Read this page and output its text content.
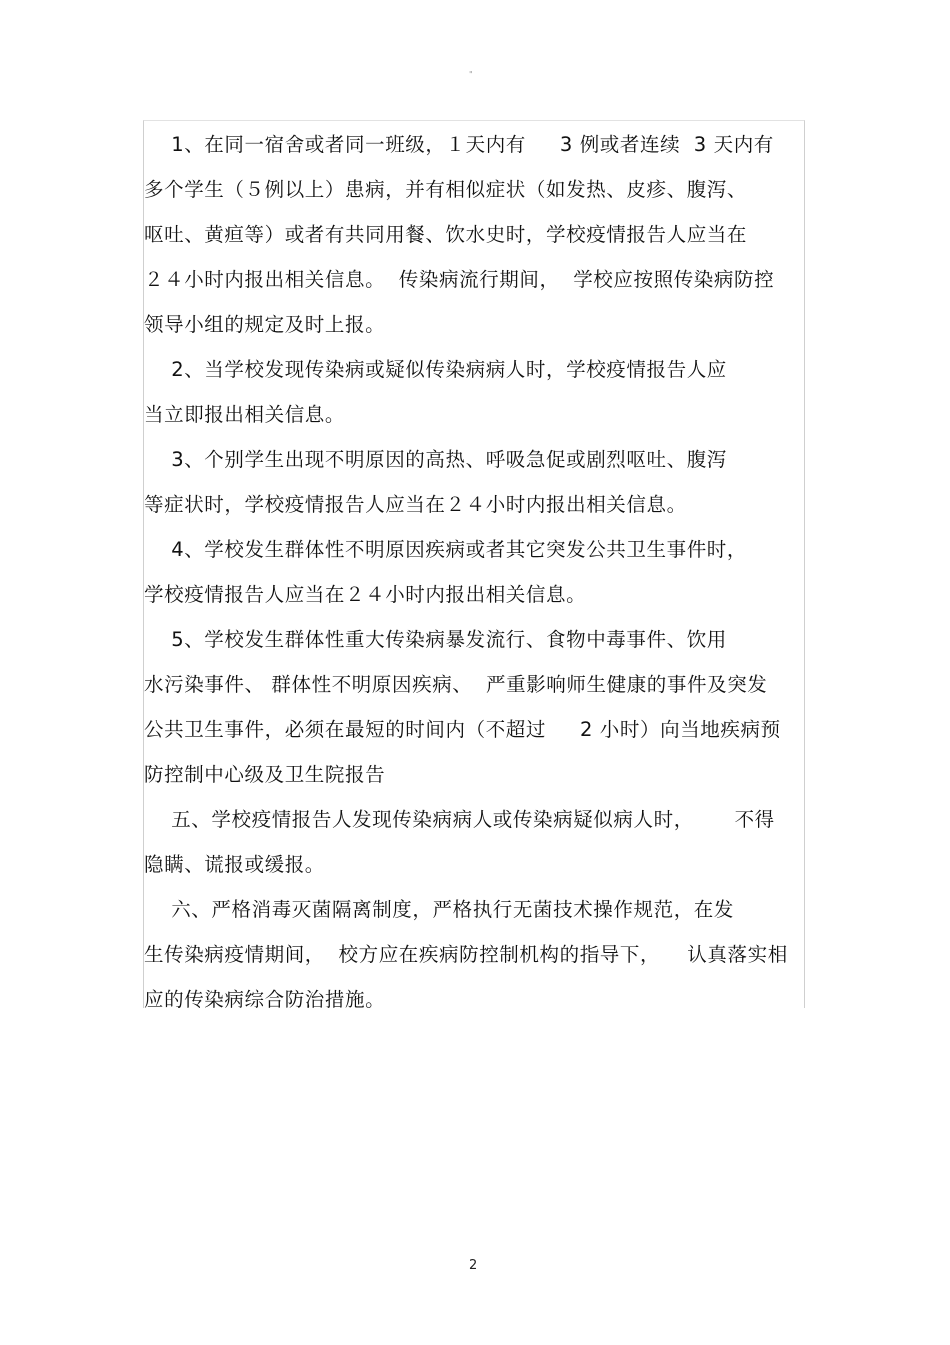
"
1、在同一宿舍或者同一班级，１天内有     3 例或者连续  3 天内有
多个学生（５例以上）患病，并有相似症状（如发热、皮疹、腹泻、
呕吐、黄疸等）或者有共同用餐、饮水史时，学校疫情报告人应当在
２４小时内报出相关信息。  传染病流行期间，  学校应按照传染病防控
领导小组的规定及时上报。
2、当学校发现传染病或疑似传染病病人时，学校疫情报告人应
当立即报出相关信息。
3、个别学生出现不明原因的高热、呼吸急促或剧烈呕吐、腹泻
等症状时，学校疫情报告人应当在２４小时内报出相关信息。
4、学校发生群体性不明原因疾病或者其它突发公共卫生事件时，
学校疫情报告人应当在２４小时内报出相关信息。
5、学校发生群体性重大传染病暴发流行、食物中毒事件、饮用
水污染事件、 群体性不明原因疾病、  严重影响师生健康的事件及突发
公共卫生事件，必须在最短的时间内（不超过     2 小时）向当地疾病预
防控制中心级及卫生院报告
五、学校疫情报告人发现传染病病人或传染病疑似病人时，      不得
隐瞒、谎报或缓报。
六、严格消毒灭菌隔离制度，严格执行无菌技术操作规范，在发
生传染病疫情期间，  校方应在疾病防控制机构的指导下，    认真落实相
应的传染病综合防治措施。
2
